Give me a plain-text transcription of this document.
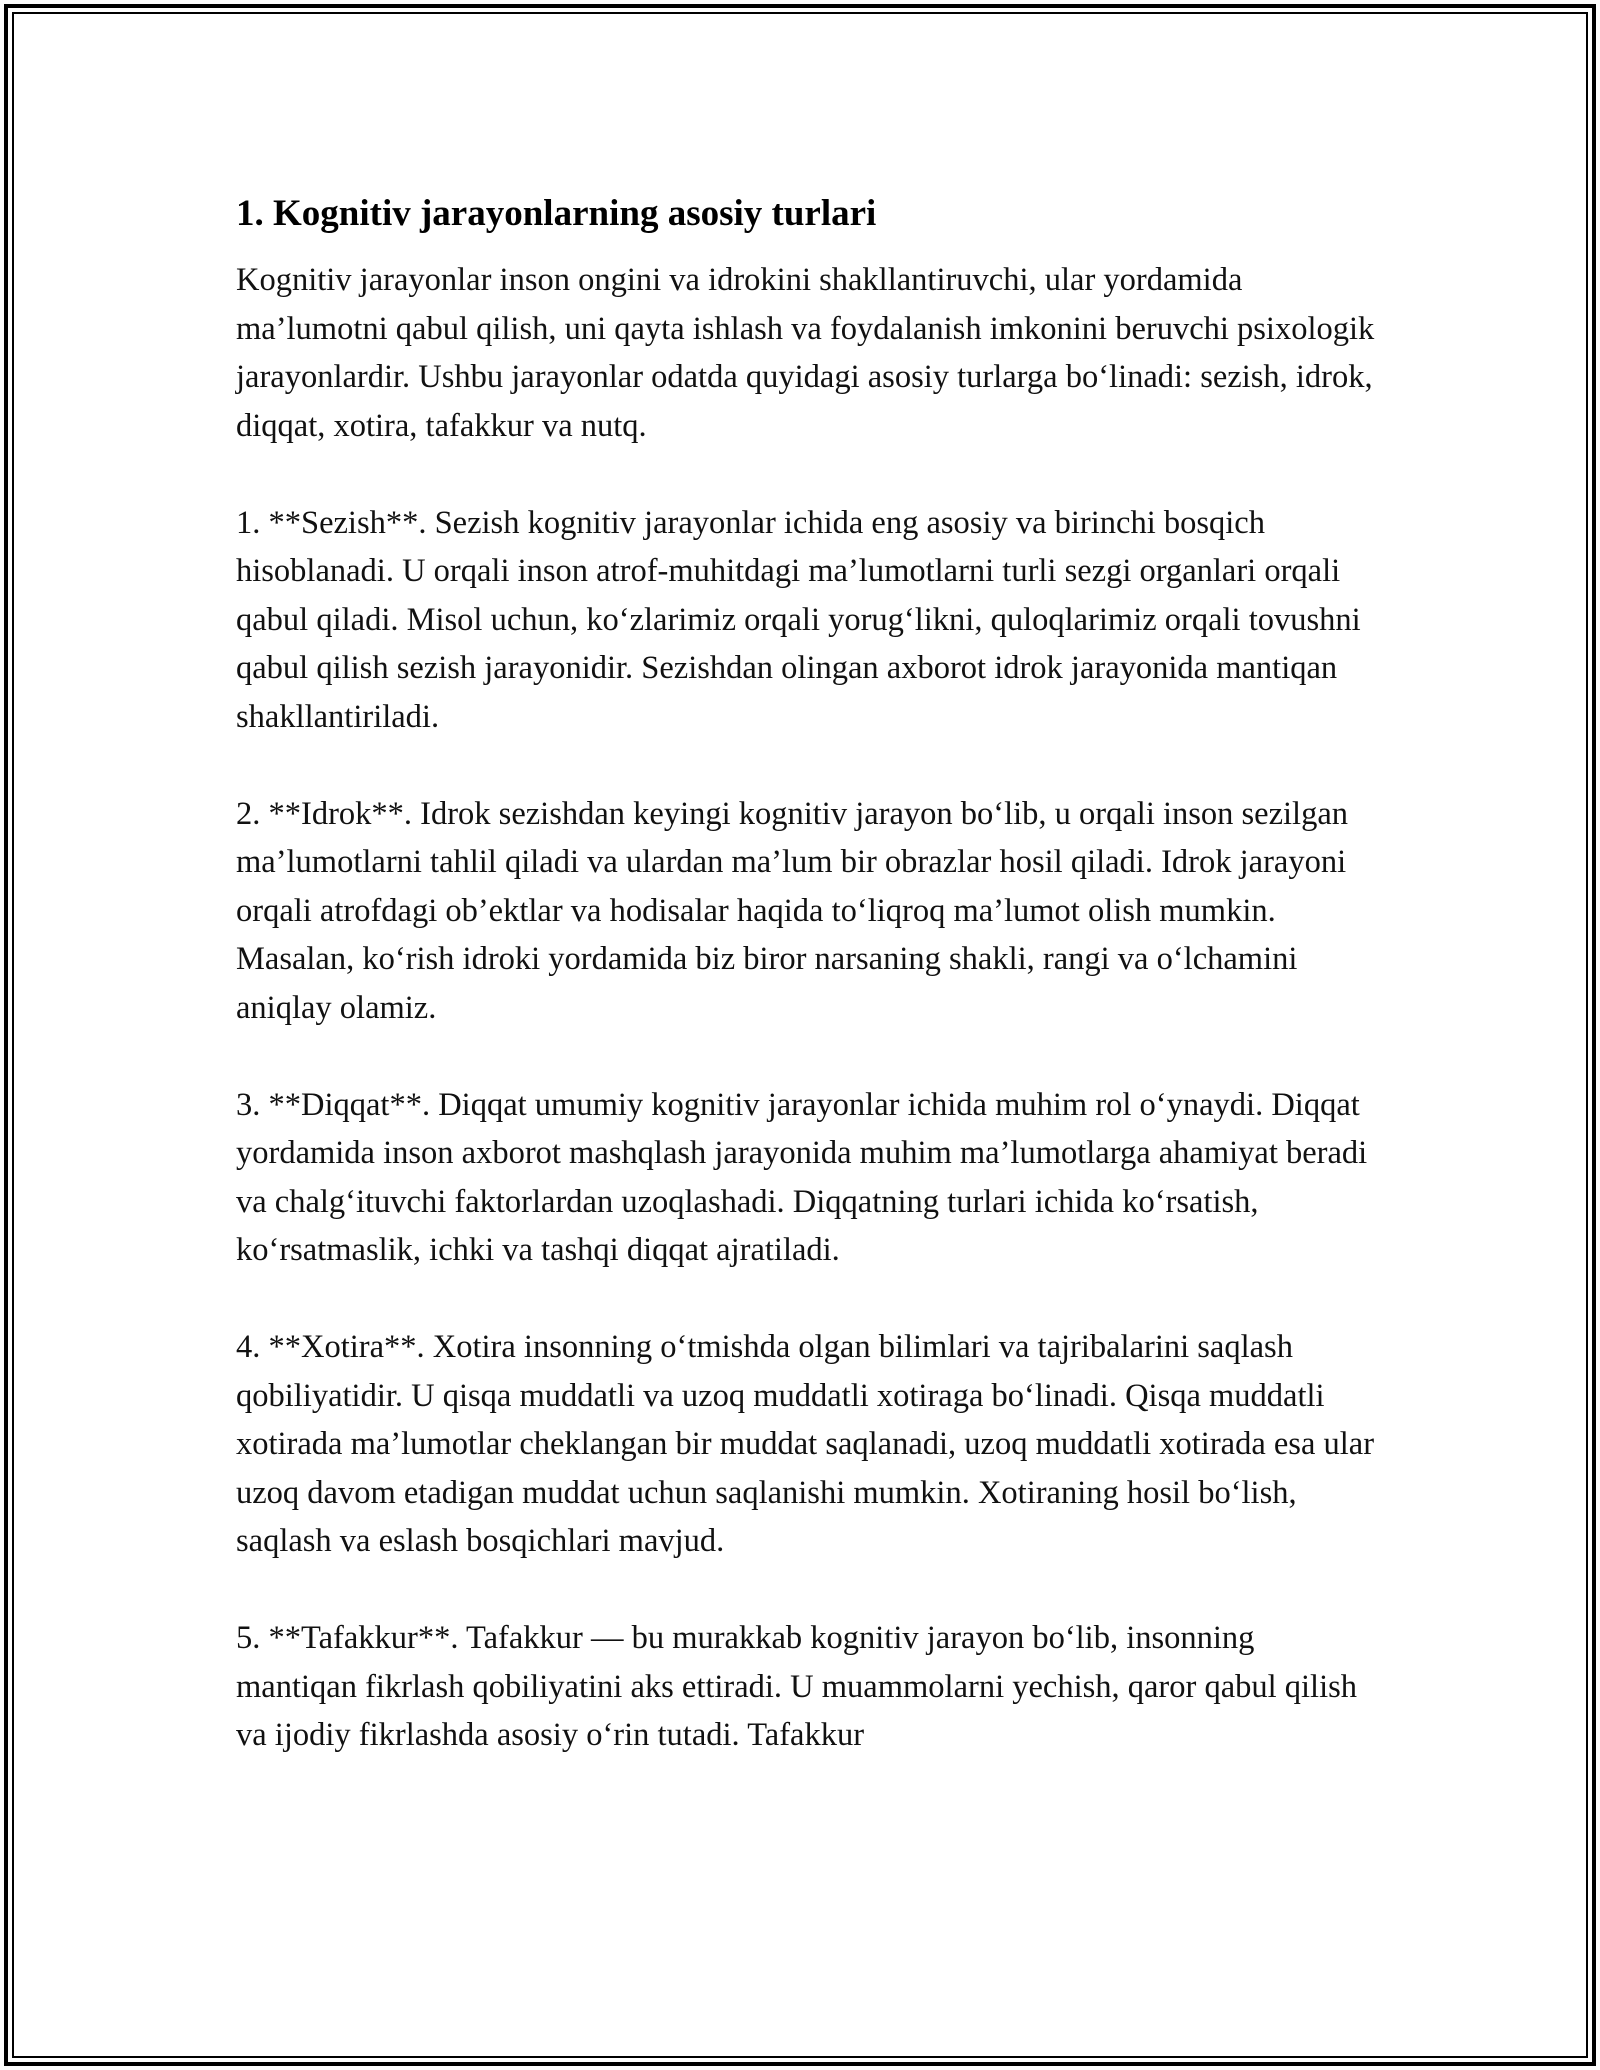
1. Kognitiv jarayonlarning asosiy turlari

Kognitiv jarayonlar inson ongini va idrokini shakllantiruvchi, ular yordamida ma’lumotni qabul qilish, uni qayta ishlash va foydalanish imkonini beruvchi psixologik jarayonlardir. Ushbu jarayonlar odatda quyidagi asosiy turlarga bo‘linadi: sezish, idrok, diqqat, xotira, tafakkur va nutq.

1. **Sezish**. Sezish kognitiv jarayonlar ichida eng asosiy va birinchi bosqich hisoblanadi. U orqali inson atrof-muhitdagi ma’lumotlarni turli sezgi organlari orqali qabul qiladi. Misol uchun, ko‘zlarimiz orqali yorug‘likni, quloqlarimiz orqali tovushni qabul qilish sezish jarayonidir. Sezishdan olingan axborot idrok jarayonida mantiqan shakllantiriladi.

2. **Idrok**. Idrok sezishdan keyingi kognitiv jarayon bo‘lib, u orqali inson sezilgan ma’lumotlarni tahlil qiladi va ulardan ma’lum bir obrazlar hosil qiladi. Idrok jarayoni orqali atrofdagi ob’ektlar va hodisalar haqida to‘liqroq ma’lumot olish mumkin. Masalan, ko‘rish idroki yordamida biz biror narsaning shakli, rangi va o‘lchamini aniqlay olamiz.

3. **Diqqat**. Diqqat umumiy kognitiv jarayonlar ichida muhim rol o‘ynaydi. Diqqat yordamida inson axborot mashqlash jarayonida muhim ma’lumotlarga ahamiyat beradi va chalg‘ituvchi faktorlardan uzoqlashadi. Diqqatning turlari ichida ko‘rsatish, ko‘rsatmaslik, ichki va tashqi diqqat ajratiladi.

4. **Xotira**. Xotira insonning o‘tmishda olgan bilimlari va tajribalarini saqlash qobiliyatidir. U qisqa muddatli va uzoq muddatli xotiraga bo‘linadi. Qisqa muddatli xotirada ma’lumotlar cheklangan bir muddat saqlanadi, uzoq muddatli xotirada esa ular uzoq davom etadigan muddat uchun saqlanishi mumkin. Xotiraning hosil bo‘lish, saqlash va eslash bosqichlari mavjud.

5. **Tafakkur**. Tafakkur — bu murakkab kognitiv jarayon bo‘lib, insonning mantiqan fikrlash qobiliyatini aks ettiradi. U muammolarni yechish, qaror qabul qilish va ijodiy fikrlashda asosiy o‘rin tutadi. Tafakkur
